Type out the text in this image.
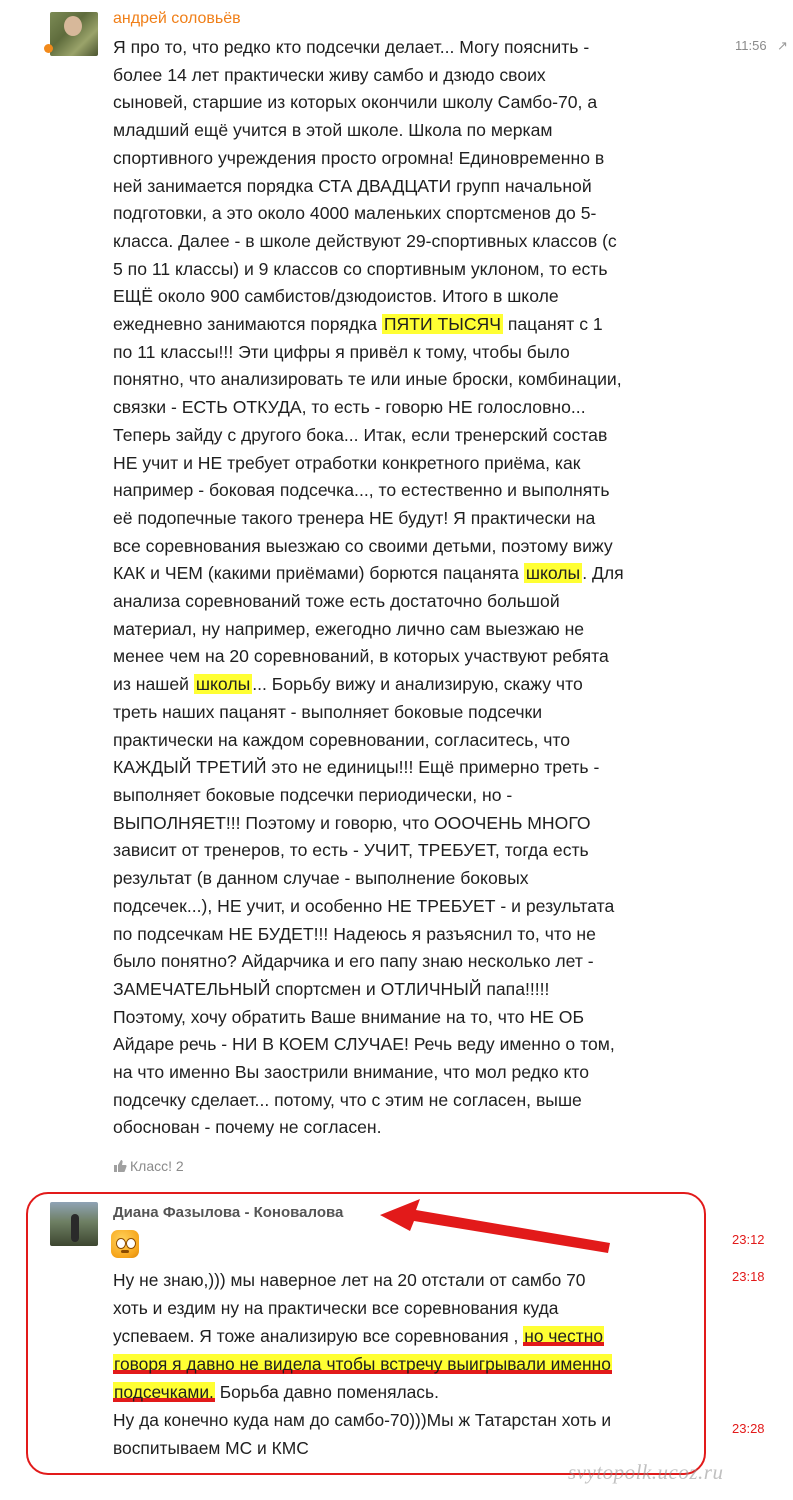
андрей соловьёв
11:56 ↗

Я про то, что редко кто подсечки делает... Могу пояснить -

более 14 лет практически живу самбо и дзюдо своих

сыновей, старшие из которых окончили школу Самбо-70, а

младший ещё учится в этой школе. Школа по меркам

спортивного учреждения просто огромна! Единовременно в

ней занимается порядка СТА ДВАДЦАТИ групп начальной

подготовки, а это около 4000 маленьких спортсменов до 5-

класса. Далее - в школе действуют 29-спортивных классов (с

5 по 11 классы) и 9 классов со спортивным уклоном, то есть

ЕЩЁ около 900 самбистов/дзюдоистов. Итого в школе

ежедневно занимаются порядка ПЯТИ ТЫСЯЧ пацанят с 1

по 11 классы!!! Эти цифры я привёл к тому, чтобы было

понятно, что анализировать те или иные броски, комбинации,

связки - ЕСТЬ ОТКУДА, то есть - говорю НЕ голословно...

Теперь зайду с другого бока... Итак, если тренерский состав

НЕ учит и НЕ требует отработки конкретного приёма, как

например - боковая подсечка..., то естественно и выполнять

её подопечные такого тренера НЕ будут! Я практически на

все соревнования выезжаю со своими детьми, поэтому вижу

КАК и ЧЕМ (какими приёмами) борются пацанята школы . Для

анализа соревнований тоже есть достаточно большой

материал, ну например, ежегодно лично сам выезжаю не

менее чем на 20 соревнований, в которых участвуют ребята

из нашей школы ... Борьбу вижу и анализирую, скажу что

треть наших пацанят - выполняет боковые подсечки

практически на каждом соревновании, согласитесь, что

КАЖДЫЙ ТРЕТИЙ это не единицы!!! Ещё примерно треть -

выполняет боковые подсечки периодически, но -

ВЫПОЛНЯЕТ!!! Поэтому и говорю, что ОООЧЕНЬ МНОГО

зависит от тренеров, то есть - УЧИТ, ТРЕБУЕТ, тогда есть

результат (в данном случае - выполнение боковых

подсечек...), НЕ учит, и особенно НЕ ТРЕБУЕТ - и результата

по подсечкам НЕ БУДЕТ!!! Надеюсь я разъяснил то, что не

было понятно? Айдарчика и его папу знаю несколько лет -

ЗАМЕЧАТЕЛЬНЫЙ спортсмен и ОТЛИЧНЫЙ папа!!!!!

Поэтому, хочу обратить Ваше внимание на то, что НЕ ОБ

Айдаре речь - НИ В КОЕМ СЛУЧАЕ! Речь веду именно о том,

на что именно Вы заострили внимание, что мол редко кто

подсечку сделает... потому, что с этим не согласен, выше

обоснован - почему не согласен.

Класс! 2
Диана Фазылова - Коновалова
23:12
23:18
23:28

Ну не знаю,))) мы наверное лет на 20 отстали от самбо 70

хоть и ездим ну на практически все соревнования куда

успеваем. Я тоже анализирую все соревнования , но честно

говоря я давно не видела чтобы встречу выигрывали именно

подсечками. Борьба давно поменялась.

Ну да конечно куда нам до самбо-70)))Мы ж Татарстан хоть и

воспитываем МС и КМС

svytopolk.ucoz.ru
